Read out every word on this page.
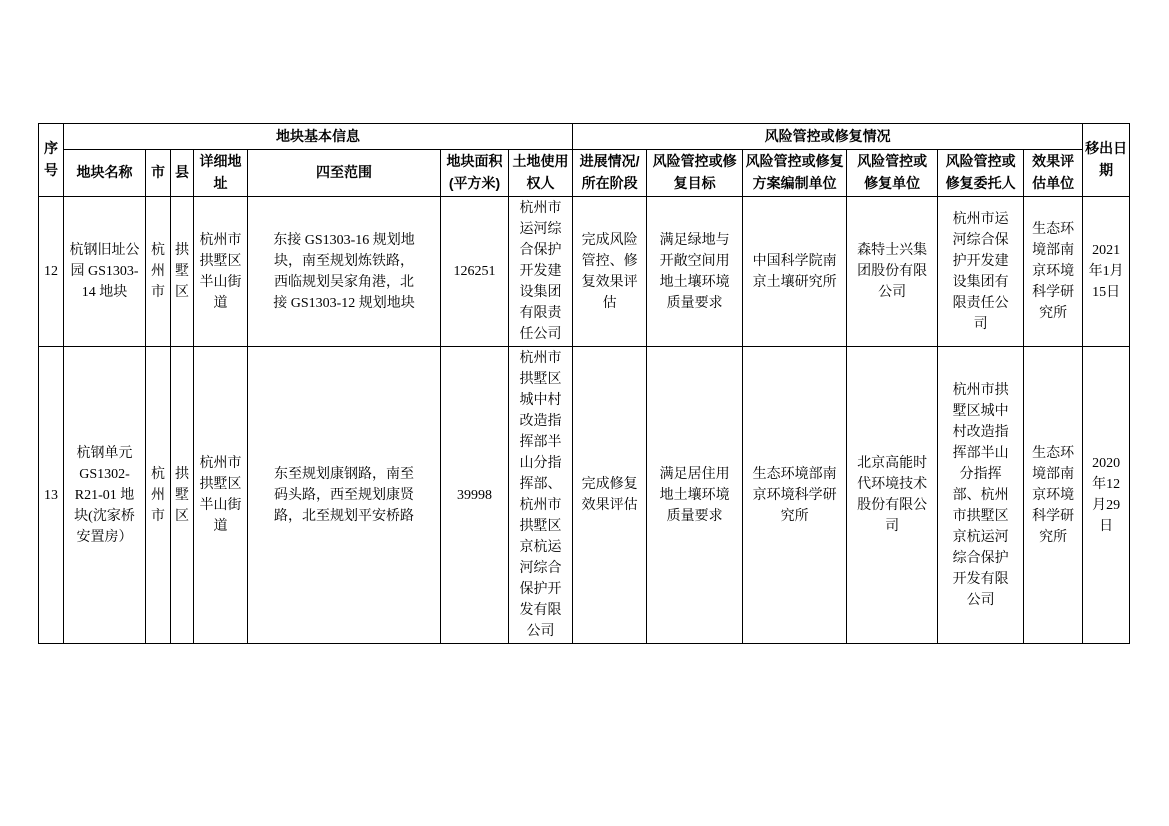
序号	地块基本信息							风险管控或修复情况						移出日期
	地块名称	市	县	详细地址	四至范围	地块面积(平方米)	土地使用权人	进展情况/所在阶段	风险管控或修复目标	风险管控或修复方案编制单位	风险管控或修复单位	风险管控或修复委托人	效果评估单位	
12	杭钢旧址公园 GS1303-14 地块	杭州市	拱墅区	杭州市拱墅区半山街道	东接 GS1303-16 规划地块，南至规划炼铁路，西临规划吴家角港，北接 GS1303-12 规划地块	126251	杭州市运河综合保护开发建设集团有限责任公司	完成风险管控、修复效果评估	满足绿地与开敞空间用地土壤环境质量要求	中国科学院南京土壤研究所	森特士兴集团股份有限公司	杭州市运河综合保护开发建设集团有限责任公司	生态环境部南京环境科学研究所	2021年1月15日
13	杭钢单元 GS1302-R21-01 地块(沈家桥安置房）	杭州市	拱墅区	杭州市拱墅区半山街道	东至规划康钢路，南至码头路，西至规划康贤路，北至规划平安桥路	39998	杭州市拱墅区城中村改造指挥部半山分指挥部、杭州市拱墅区京杭运河综合保护开发有限公司	完成修复效果评估	满足居住用地土壤环境质量要求	生态环境部南京环境科学研究所	北京高能时代环境技术股份有限公司	杭州市拱墅区城中村改造指挥部半山分指挥部、杭州市拱墅区京杭运河综合保护开发有限公司	生态环境部南京环境科学研究所	2020年12月29日
